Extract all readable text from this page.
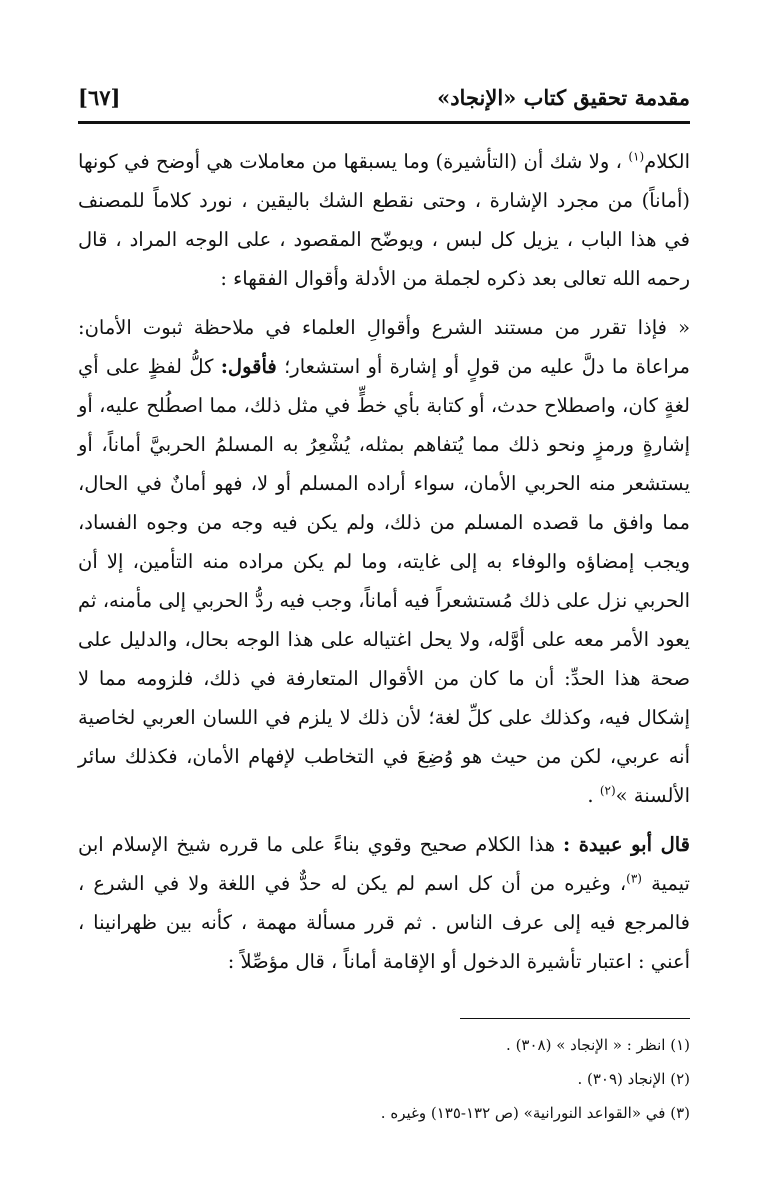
مقدمة تحقيق كتاب «الإنجاد»
[٦٧]

الكلام$^{(١)}$ ، ولا شك أن (التأشيرة) وما يسبقها من معاملات هي أوضح في كونها (أماناً) من مجرد الإشارة ، وحتى نقطع الشك باليقين ، نورد كلاماً للمصنف في هذا الباب ، يزيل كل لبس ، ويوضّح المقصود ، على الوجه المراد ، قال رحمه الله تعالى بعد ذكره لجملة من الأدلة وأقوال الفقهاء :

« فإذا تقرر من مستند الشرع وأقوالِ العلماء في ملاحظة ثبوت الأمان: مراعاة ما دلَّ عليه من قولٍ أو إشارة أو استشعار؛ فأقول: كلُّ لفظٍ على أي لغةٍ كان، واصطلاح حدث، أو كتابة بأي خطٍّ في مثل ذلك، مما اصطُلح عليه، أو إشارةٍ ورمزٍ ونحو ذلك مما يُتفاهم بمثله، يُشْعِرُ به المسلمُ الحربيَّ أماناً، أو يستشعر منه الحربي الأمان، سواء أراده المسلم أو لا، فهو أمانٌ في الحال، مما وافق ما قصده المسلم من ذلك، ولم يكن فيه وجه من وجوه الفساد، ويجب إمضاؤه والوفاء به إلى غايته، وما لم يكن مراده منه التأمين، إلا أن الحربي نزل على ذلك مُستشعراً فيه أماناً، وجب فيه ردُّ الحربي إلى مأمنه، ثم يعود الأمر معه على أوَّله، ولا يحل اغتياله على هذا الوجه بحال، والدليل على صحة هذا الحدِّ: أن ما كان من الأقوال المتعارفة في ذلك، فلزومه مما لا إشكال فيه، وكذلك على كلِّ لغة؛ لأن ذلك لا يلزم في اللسان العربي لخاصية أنه عربي، لكن من حيث هو وُضِعَ في التخاطب لإفهام الأمان، فكذلك سائر الألسنة »$^{(٢)}$ .

قال أبو عبيدة : هذا الكلام صحيح وقوي بناءً على ما قرره شيخ الإسلام ابن تيمية $^{(٣)}$، وغيره من أن كل اسم لم يكن له حدٌّ في اللغة ولا في الشرع ، فالمرجع فيه إلى عرف الناس . ثم قرر مسألة مهمة ، كأنه بين ظهرانينا ، أعني : اعتبار تأشيرة الدخول أو الإقامة أماناً ، قال مؤصِّلاً :

(١) انظر : « الإنجاد » (٣٠٨) .

(٢) الإنجاد (٣٠٩) .

(٣) في «القواعد النورانية» (ص ١٣٢-١٣٥) وغيره .
